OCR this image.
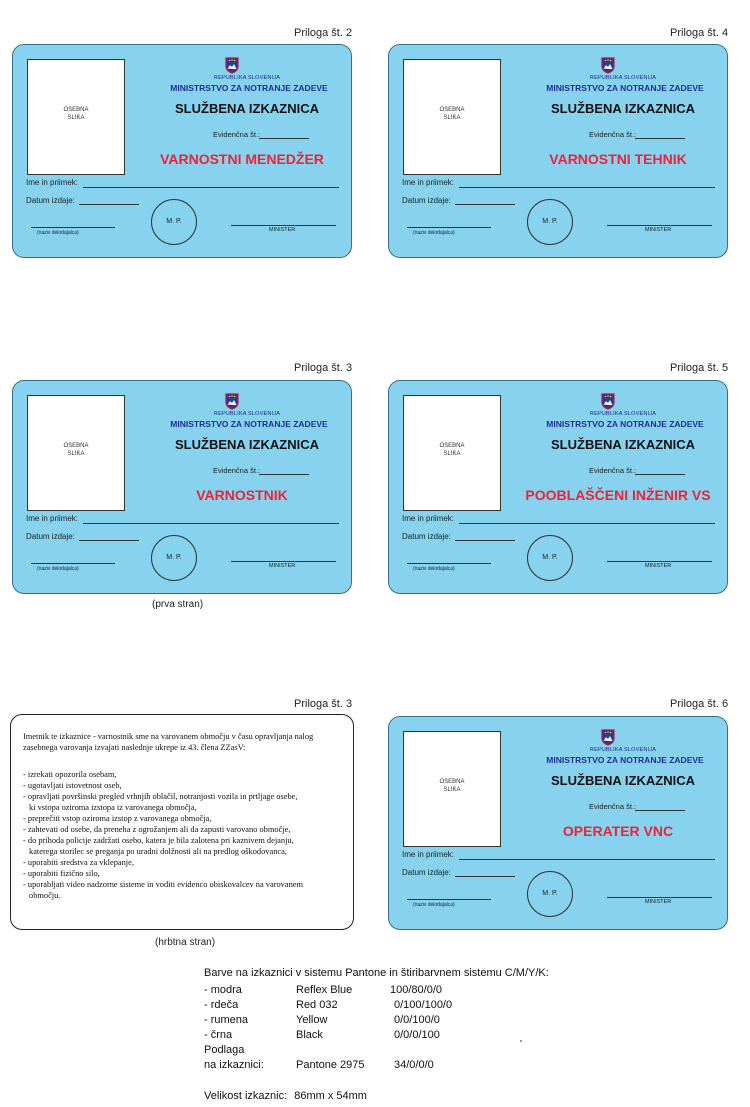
Priloga št. 2	Priloga št. 4
Priloga št. 3	Priloga št. 5
Priloga št. 3	Priloga št. 6
OSEBNA
SLIKA
REPUBLIKA SLOVENIJA
MINISTRSTVO ZA NOTRANJE ZADEVE
SLUŽBENA IZKAZNICA
Evidenčna št.:
VARNOSTNI MENEDŽER
Ime in priimek:
Datum izdaje:
M. P.
(naziv delodajalca)	MINISTER
OSEBNA
SLIKA
REPUBLIKA SLOVENIJA
MINISTRSTVO ZA NOTRANJE ZADEVE
SLUŽBENA IZKAZNICA
Evidenčna št.:
VARNOSTNI TEHNIK
Ime in priimek:
Datum izdaje:
M. P.
(naziv delodajalca)	MINISTER
OSEBNA
SLIKA
REPUBLIKA SLOVENIJA
MINISTRSTVO ZA NOTRANJE ZADEVE
SLUŽBENA IZKAZNICA
Evidenčna št.:
VARNOSTNIK
Ime in priimek:
Datum izdaje:
M. P.
(naziv delodajalca)	MINISTER
OSEBNA
SLIKA
REPUBLIKA SLOVENIJA
MINISTRSTVO ZA NOTRANJE ZADEVE
SLUŽBENA IZKAZNICA
Evidenčna št.:
POOBLAŠČENI INŽENIR VS
Ime in priimek:
Datum izdaje:
M. P.
(naziv delodajalca)	MINISTER
OSEBNA
SLIKA
REPUBLIKA SLOVENIJA
MINISTRSTVO ZA NOTRANJE ZADEVE
SLUŽBENA IZKAZNICA
Evidenčna št.:
OPERATER VNC
Ime in priimek:
Datum izdaje:
M. P.
(naziv delodajalca)	MINISTER
(prva stran)
Imetnik te izkaznice - varnostnik sme na varovanem območju v času opravljanja nalog zasebnega varovanja izvajati naslednje ukrepe iz 43. člena ZZasV:
- izrekati opozorila osebam,
- ugotavljati istovetnost oseb,
- opravljati površinski pregled vrhnjih oblačil, notranjosti vozila in prtljage osebe,
ki vstopa oziroma izstopa iz varovanega območja,
- preprečiti vstop oziroma izstop z varovanega območja,
- zahtevati od osebe, da preneha z ogrožanjem ali da zapusti varovano območje,
- do prihoda policije zadržati osebo, katera je bila zalotena pri kaznivem dejanju,
katerega storilec se preganja po uradni dolžnosti ali na predlog oškodovanca,
- uporabiti sredstva za vklepanje,
- uporabiti fizično silo,
- uporabljati video nadzorne sisteme in voditi evidenco obiskovalcev na varovanem
območju.
(hrbtna stran)
Barve na izkaznici v sistemu Pantone in štiribarvnem sistemu C/M/Y/K:
- modra	Reflex Blue	100/80/0/0
- rdeča	Red 032	0/100/100/0
- rumena	Yellow	0/0/100/0
- črna	Black	0/0/0/100
Podlaga
na izkaznici:	Pantone 2975	34/0/0/0
Velikost izkaznic: 86mm x 54mm
